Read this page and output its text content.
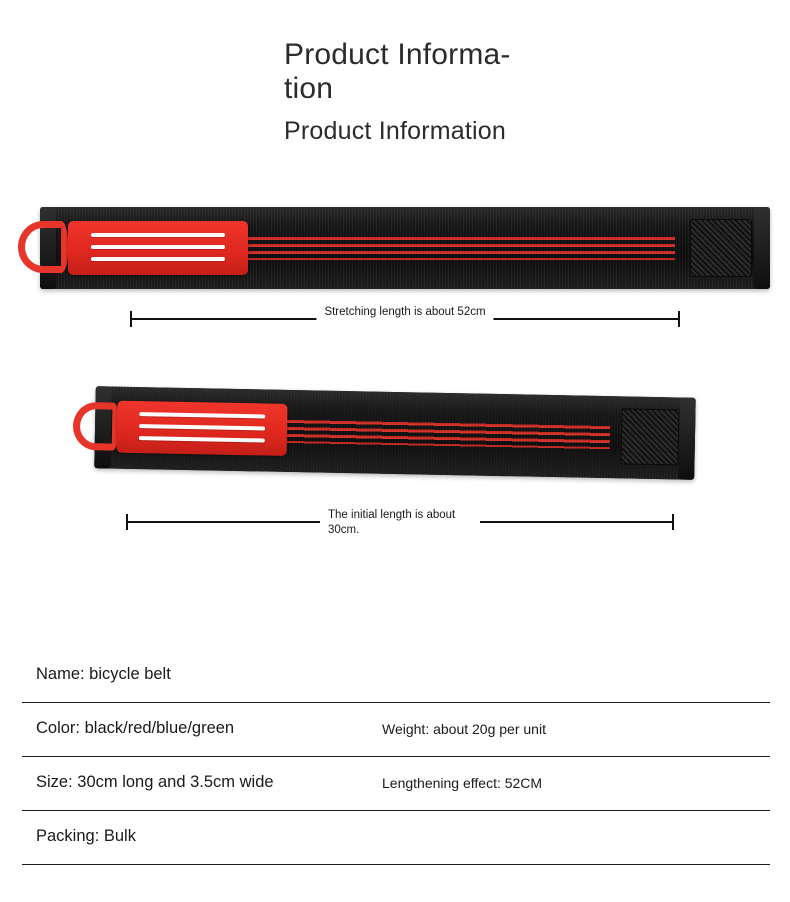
Product Informa-
tion
Product Information
Stretching length is about 52cm
The initial length is about 30cm.
Name: bicycle belt	
Color: black/red/blue/green	Weight: about 20g per unit
Size: 30cm long and 3.5cm wide	Lengthening effect: 52CM
Packing: Bulk	
